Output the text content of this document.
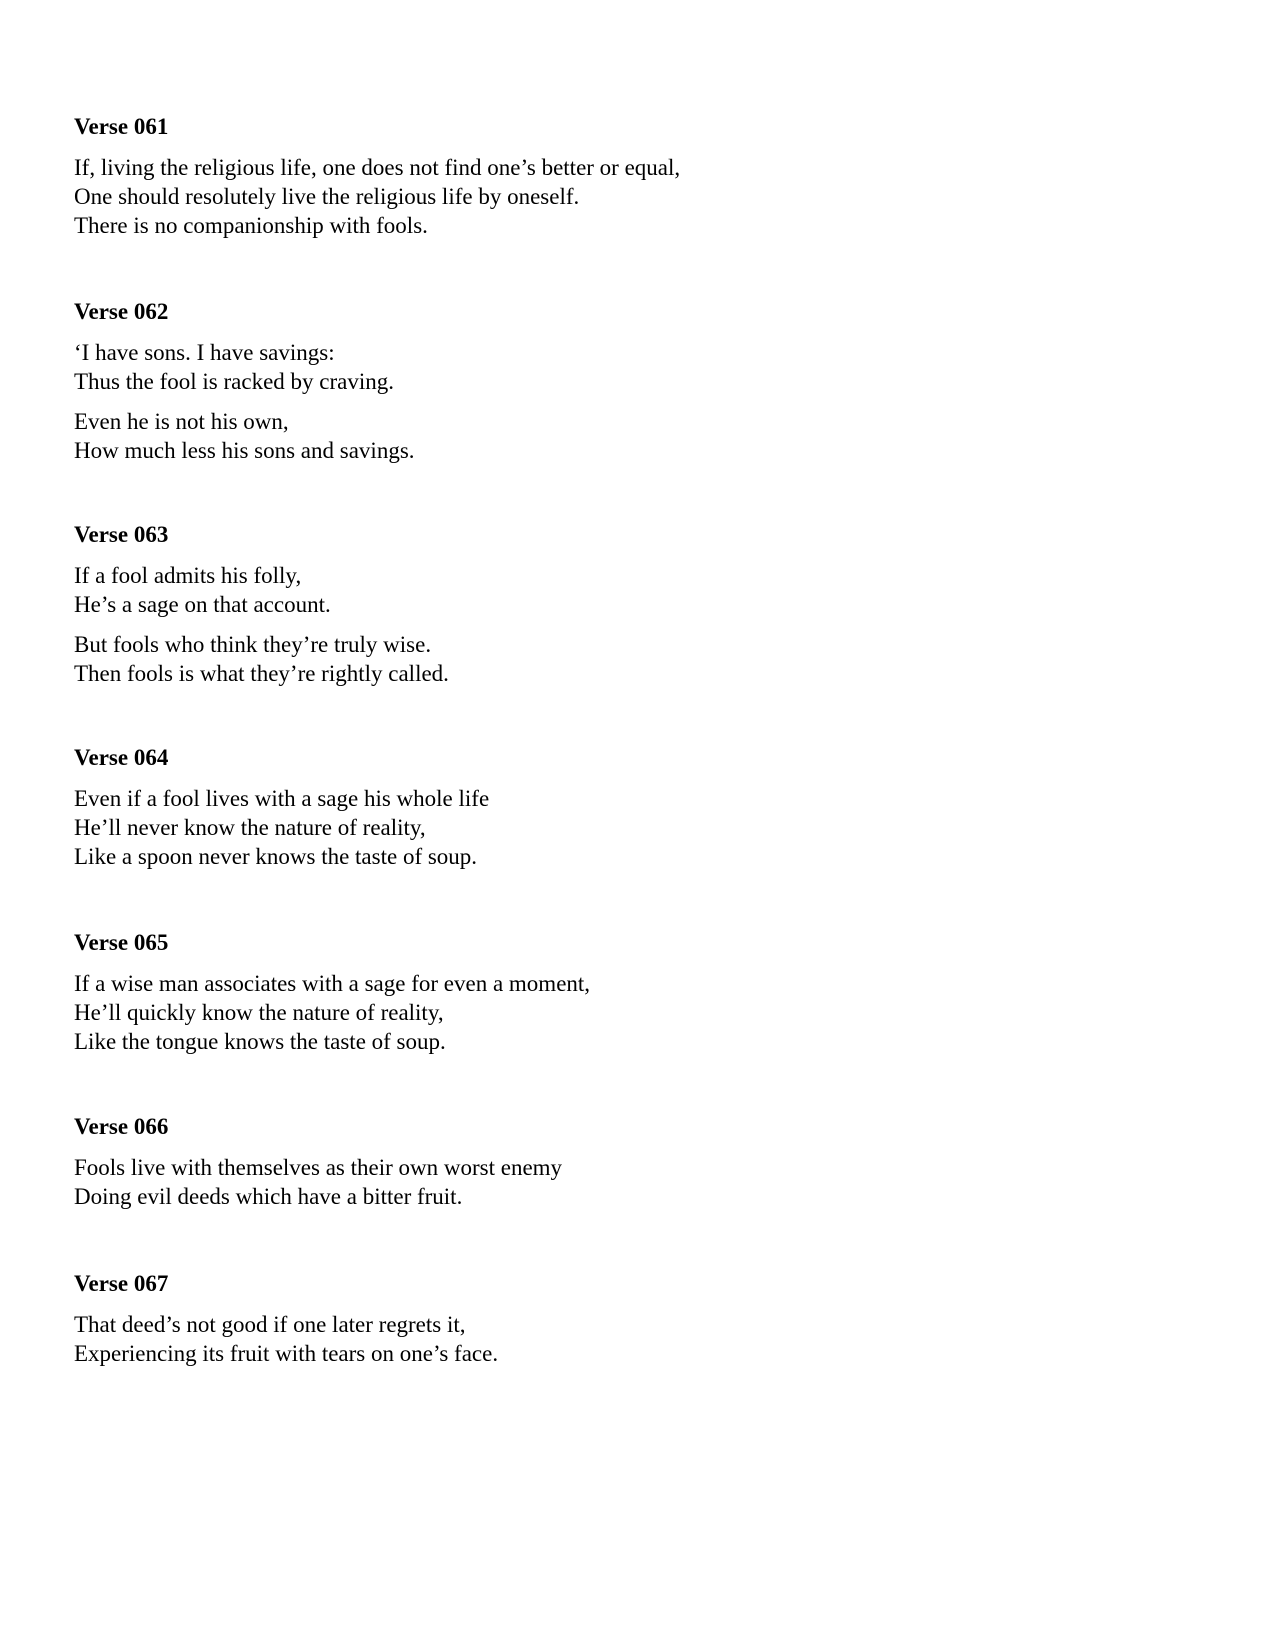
Verse 061

If, living the religious life, one does not find one’s better or equal,
One should resolutely live the religious life by oneself.
There is no companionship with fools.

Verse 062

‘I have sons. I have savings:
Thus the fool is racked by craving.

Even he is not his own,
How much less his sons and savings.

Verse 063

If a fool admits his folly,
He’s a sage on that account.

But fools who think they’re truly wise.
Then fools is what they’re rightly called.

Verse 064

Even if a fool lives with a sage his whole life
He’ll never know the nature of reality,
Like a spoon never knows the taste of soup.

Verse 065

If a wise man associates with a sage for even a moment,
He’ll quickly know the nature of reality,
Like the tongue knows the taste of soup.

Verse 066

Fools live with themselves as their own worst enemy
Doing evil deeds which have a bitter fruit.

Verse 067

That deed’s not good if one later regrets it,
Experiencing its fruit with tears on one’s face.
